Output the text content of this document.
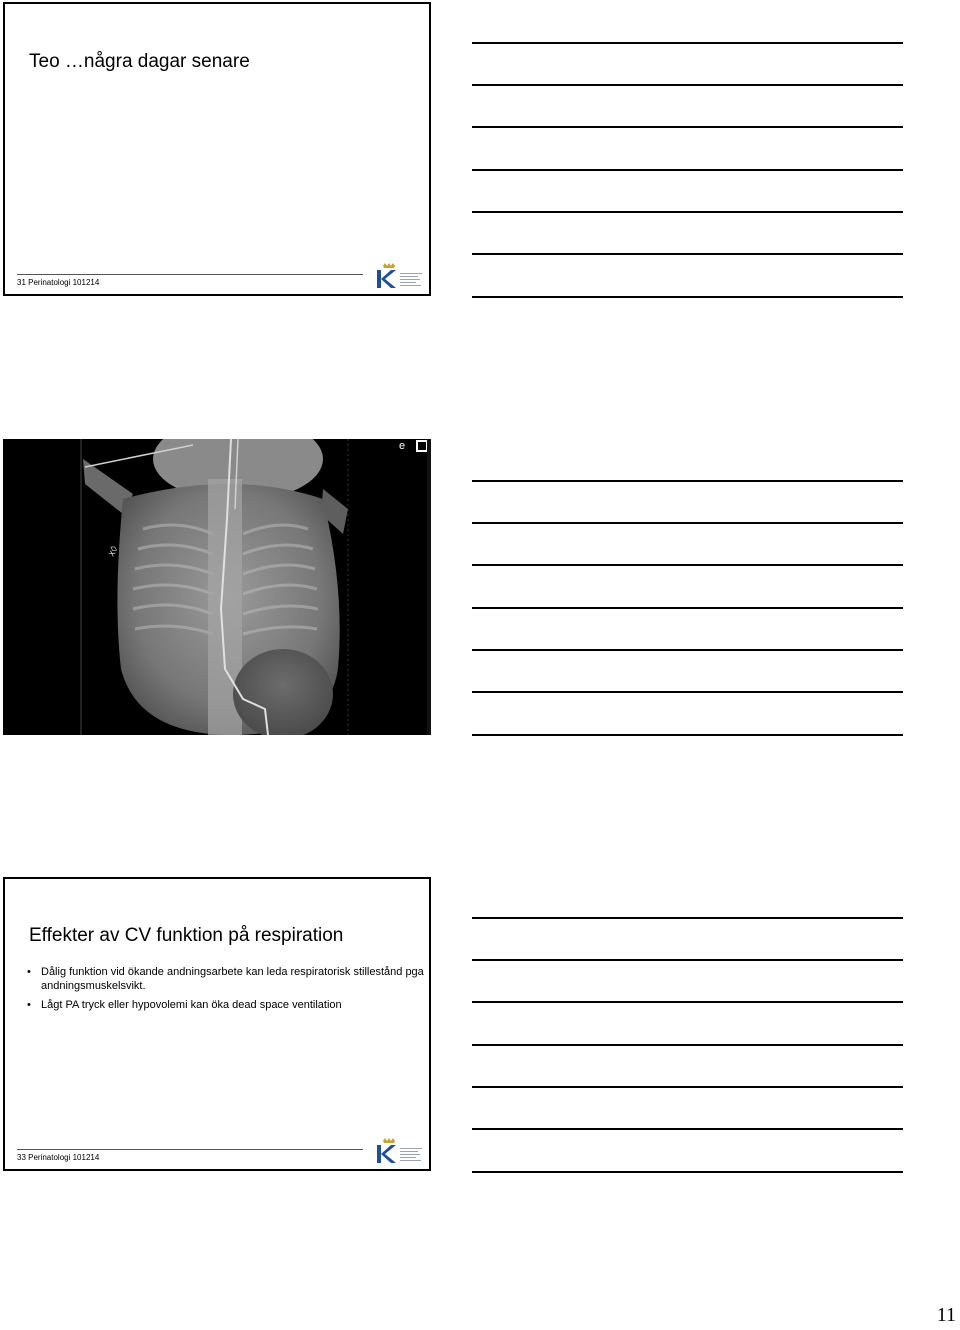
Teo …några dagar senare
31 Perinatologi 101214
x◊
e
Effekter av CV funktion på respiration
• Dålig funktion vid ökande andningsarbete kan leda respiratorisk stillestånd pga andningsmuskelsvikt.
• Lågt PA tryck eller hypovolemi kan öka dead space ventilation
33 Perinatologi 101214
11
